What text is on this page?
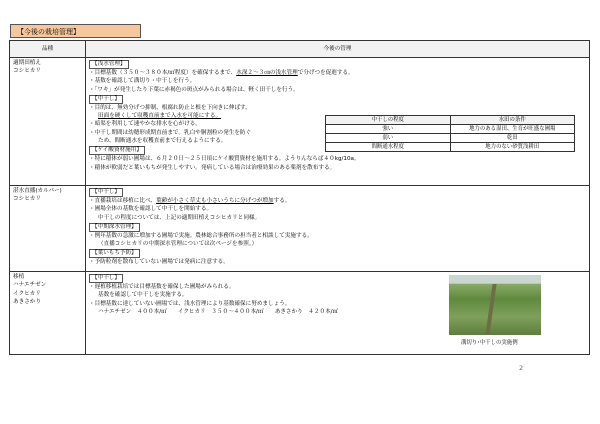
【今後の栽培管理】
品種	今後の管理

適期田植え
コシヒカリ

【浅水管理】
・目標基数（３５０～３８０本/㎡程度）を確保するまで、水深２～３㎝の浅水管理で分げつを促進する。
・基数を確認して溝切り・中干しを行う。
・「ワキ」が発生したり下葉に赤褐色の斑点がみられる場合は、軽く田干しを行う。
【中干し】
・目的は、無効分げつ抑制、根腐れ防止と根を下向きに伸ばす、
田面を硬くして収穫直前まで入水を可能にする。
・暗渠を利用して速やかな排水を心がける。
・中干し期間は幼穂形成期直前まで。乳白や胴割粒の発生を防ぐ
ため、間断通水を収穫直前まで行えるようにする。
【ケイ酸資材施用】
・特に稲体が弱い圃場は、６月２０日～２５日頃にケイ酸質資材を施用する。ようりんならば４０kg/10a。
・稲体が軟弱だと葉いもちが発生しやすい。発病している場合は治療効果のある薬剤を散布する。
中干しの程度	水田の条件
強い	地力のある湿田、生育が旺盛な圃場
弱い	乾田
間断通水程度	地力のない砂質浅耕田

湛水直播(カルパー)
コシヒカリ
	【中干し】
・直播栽培は移植に比べ、葉齢が小さく草丈も小さいうちに分げつが増加する。
・圃場全体の基数を確認して中干しを開始する。
中干しの程度については、上記の適期田植えコシヒカリと同様。
【中期深水管理】
・例年基数の急激に増加する圃場で実施。農林総合事務所の担当者と相談して実施する。
（直播コシヒカリの中期深水管理については次ページを参照。）
【葉いもち予防】
・予防粒剤を散布していない圃場では発病に注意する。

移植
ハナエチゼン
イクヒカリ
あきさかり

【中干し】
・遅植移植栽培では目標基数を確保した圃場がみられる。
基数を確認して中干しを実施する。
・目標基数に達していない圃場では、浅水管理により基数確保に努めましょう。
ハナエチゼン　４００本/㎡　　イクヒカリ　３５０～４００本/㎡　　あきさかり　４２０本/㎡
溝切り･中干しの実施例
2
